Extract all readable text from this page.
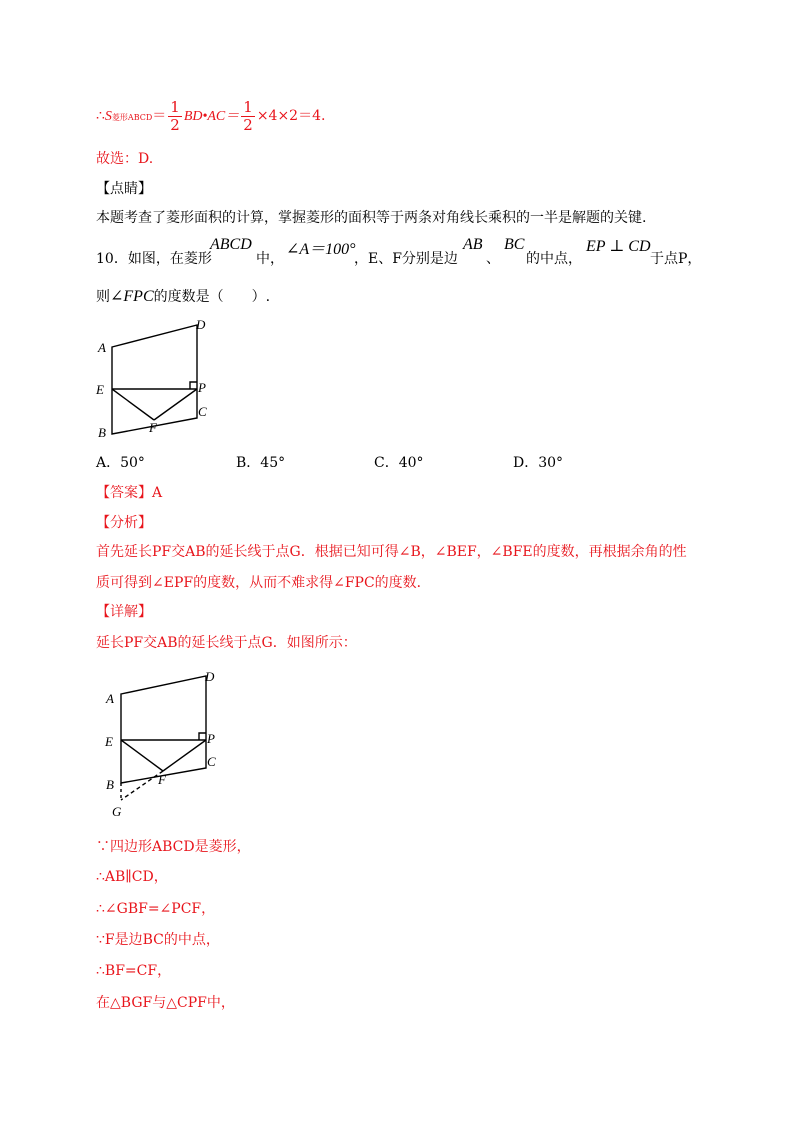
∴S菱形ABCD＝ $\frac{1}{2}$ BD•AC＝ $\frac{1}{2} \times 4\times 2=4$.
故选：D.
【点睛】
本题考查了菱形面积的计算，掌握菱形的面积等于两条对角线长乘积的一半是解题的关键.
10．如图，在菱形
ABCD
中，
∠A＝100°
，E、F分别是边
AB
、
BC
的中点，
EP ⊥ CD
于点P，
则∠FPC的度数是（　　）.
A
D
E	P
C
B	F
A．50°	B．45°	C．40°	D．30°
【答案】A
【分析】
首先延长PF交AB的延长线于点G．根据已知可得∠B，∠BEF，∠BFE的度数，再根据余角的性
质可得到∠EPF的度数，从而不难求得∠FPC的度数．
【详解】
延长PF交AB的延长线于点G．如图所示：
A
D
E	P
C
B	F
G
∵四边形ABCD是菱形，
∴AB∥CD，
∴∠GBF=∠PCF，
∵F是边BC的中点，
∴BF=CF，
在△BGF与△CPF中，
